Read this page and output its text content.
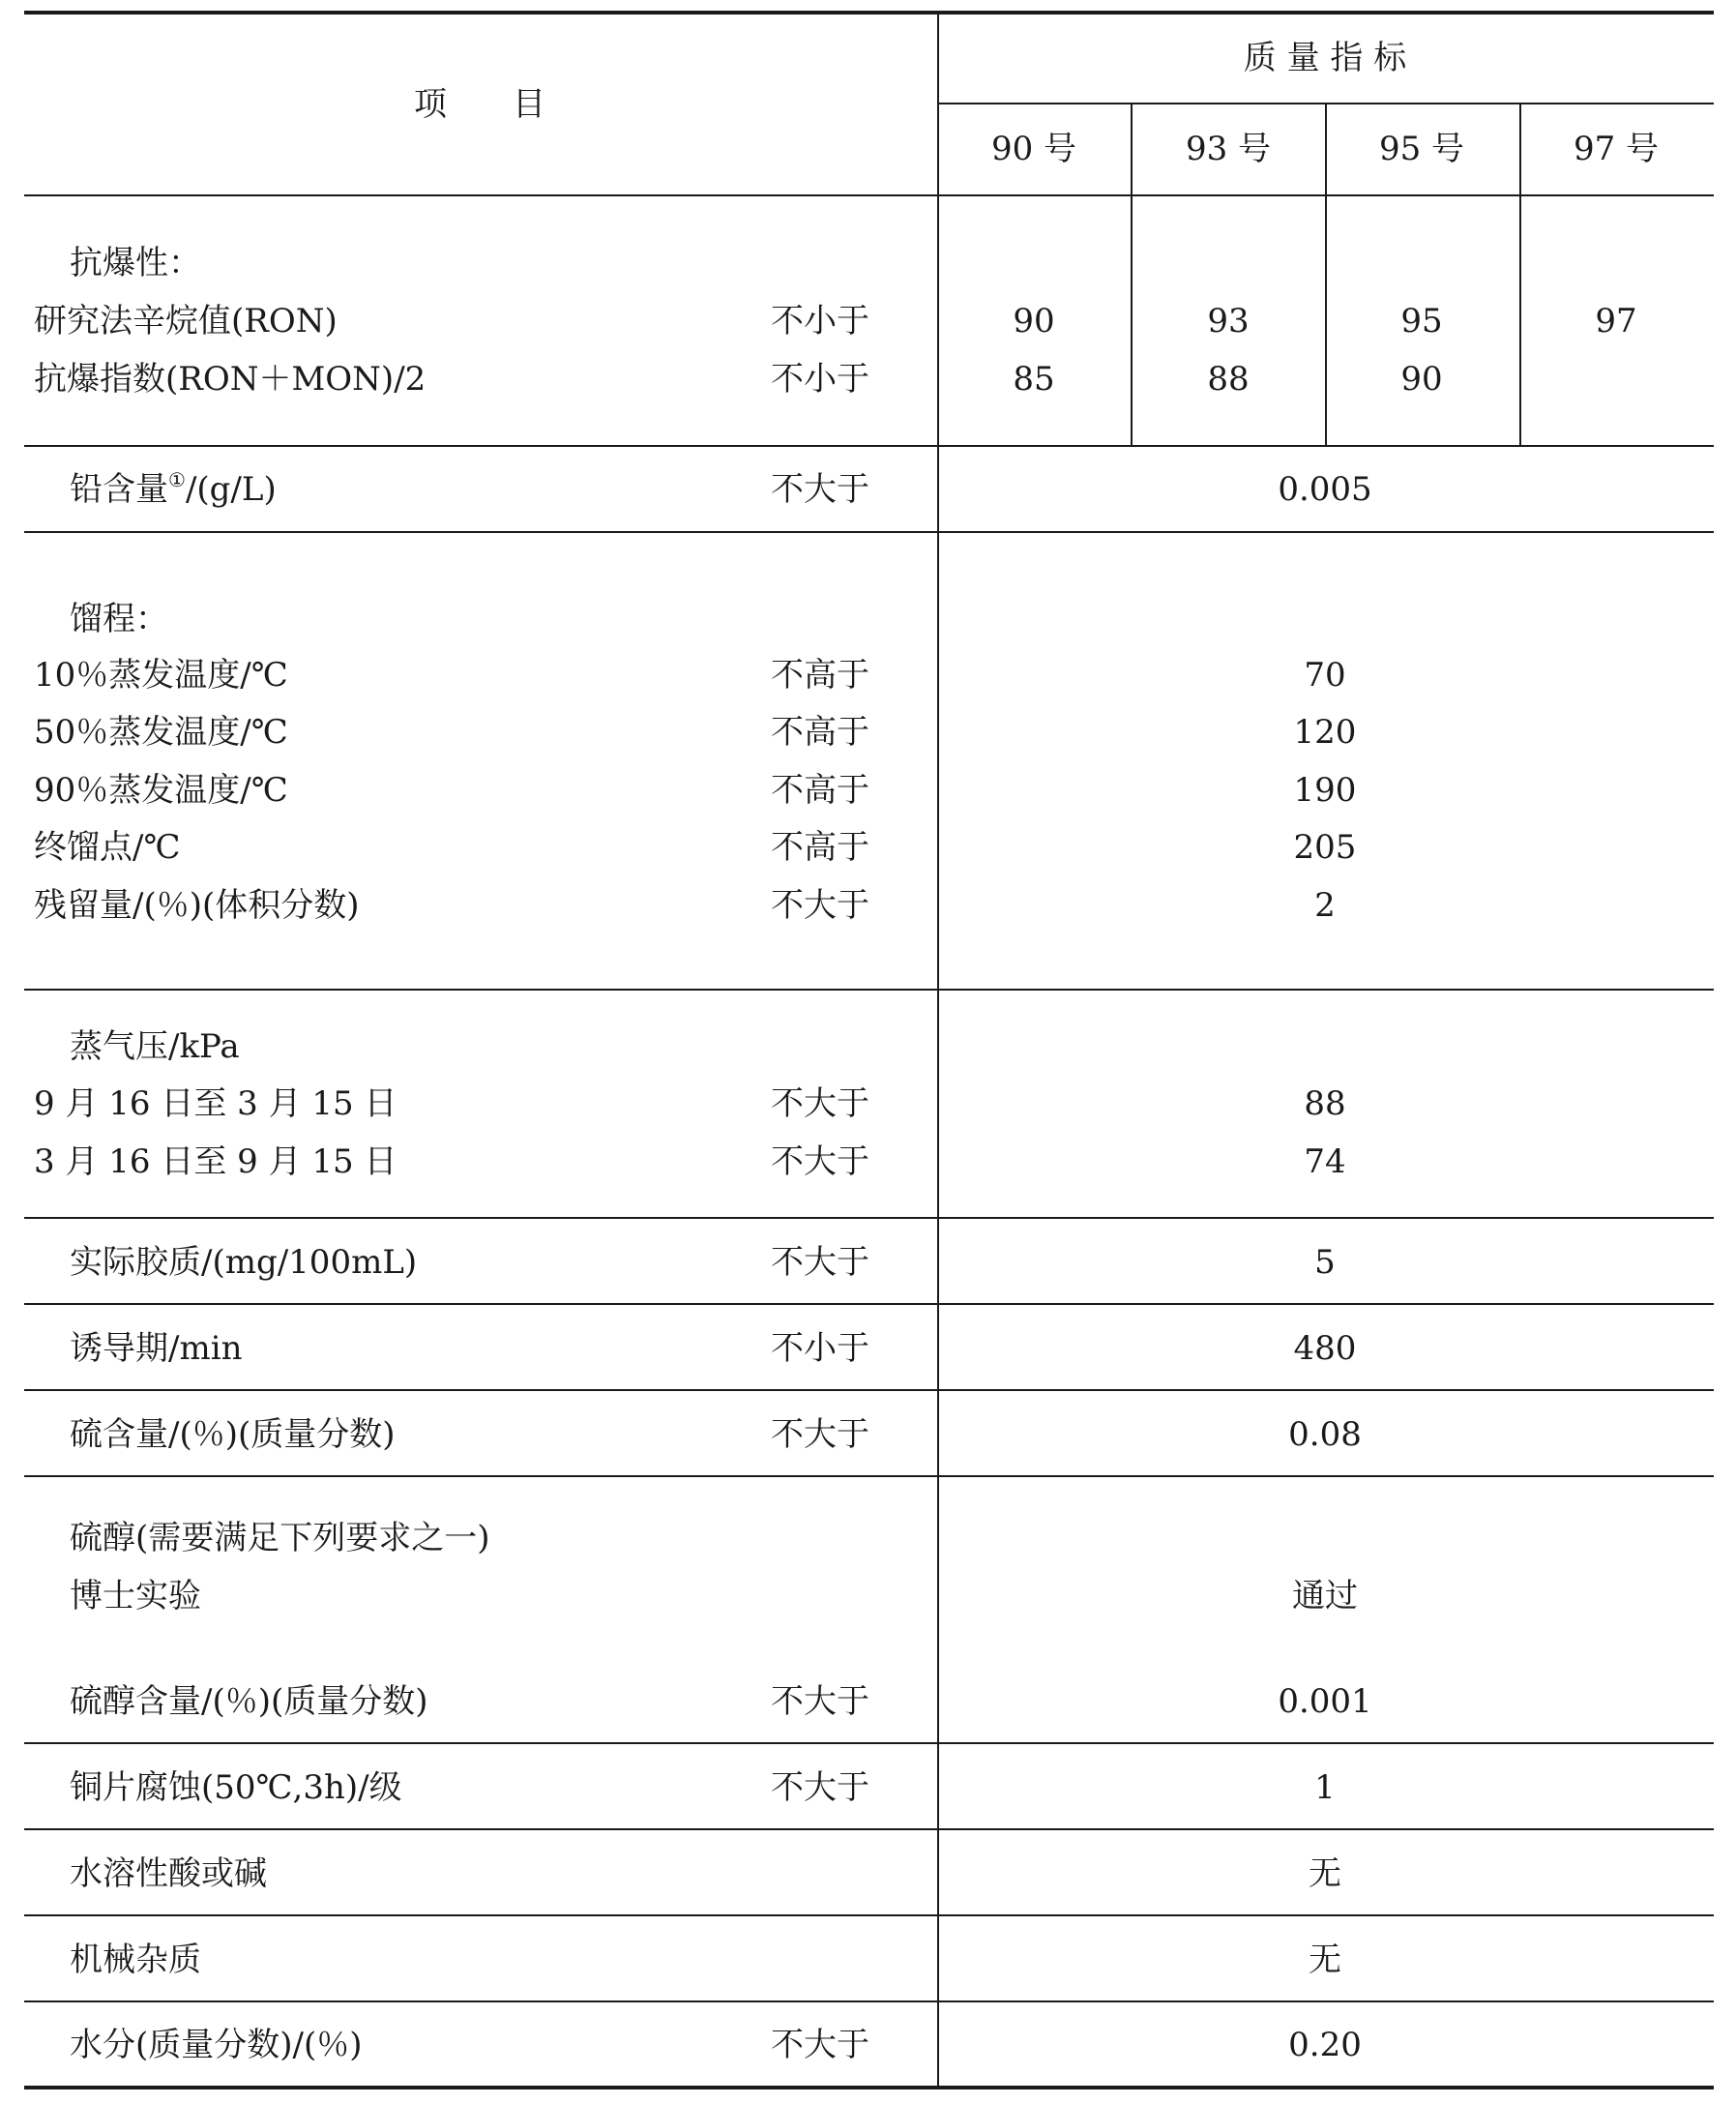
项　　目
质 量 指 标
90 号	93 号	95 号	97 号
抗爆性：
研究法辛烷值(RON)	不小于	90	93	95	97
抗爆指数(RON＋MON)/2	不小于	85	88	90
铅含量①/(g/L)	不大于	0.005
馏程：
10％蒸发温度/℃	不高于	70
50％蒸发温度/℃	不高于	120
90％蒸发温度/℃	不高于	190
终馏点/℃	不高于	205
残留量/(％)(体积分数)	不大于	2
蒸气压/kPa
9 月 16 日至 3 月 15 日	不大于	88
3 月 16 日至 9 月 15 日	不大于	74
实际胶质/(mg/100mL)	不大于	5
诱导期/min	不小于	480
硫含量/(％)(质量分数)	不大于	0.08
硫醇(需要满足下列要求之一)
博士实验	通过
硫醇含量/(％)(质量分数)	不大于	0.001
铜片腐蚀(50℃,3h)/级	不大于	1
水溶性酸或碱	无
机械杂质	无
水分(质量分数)/(％)	不大于	0.20
